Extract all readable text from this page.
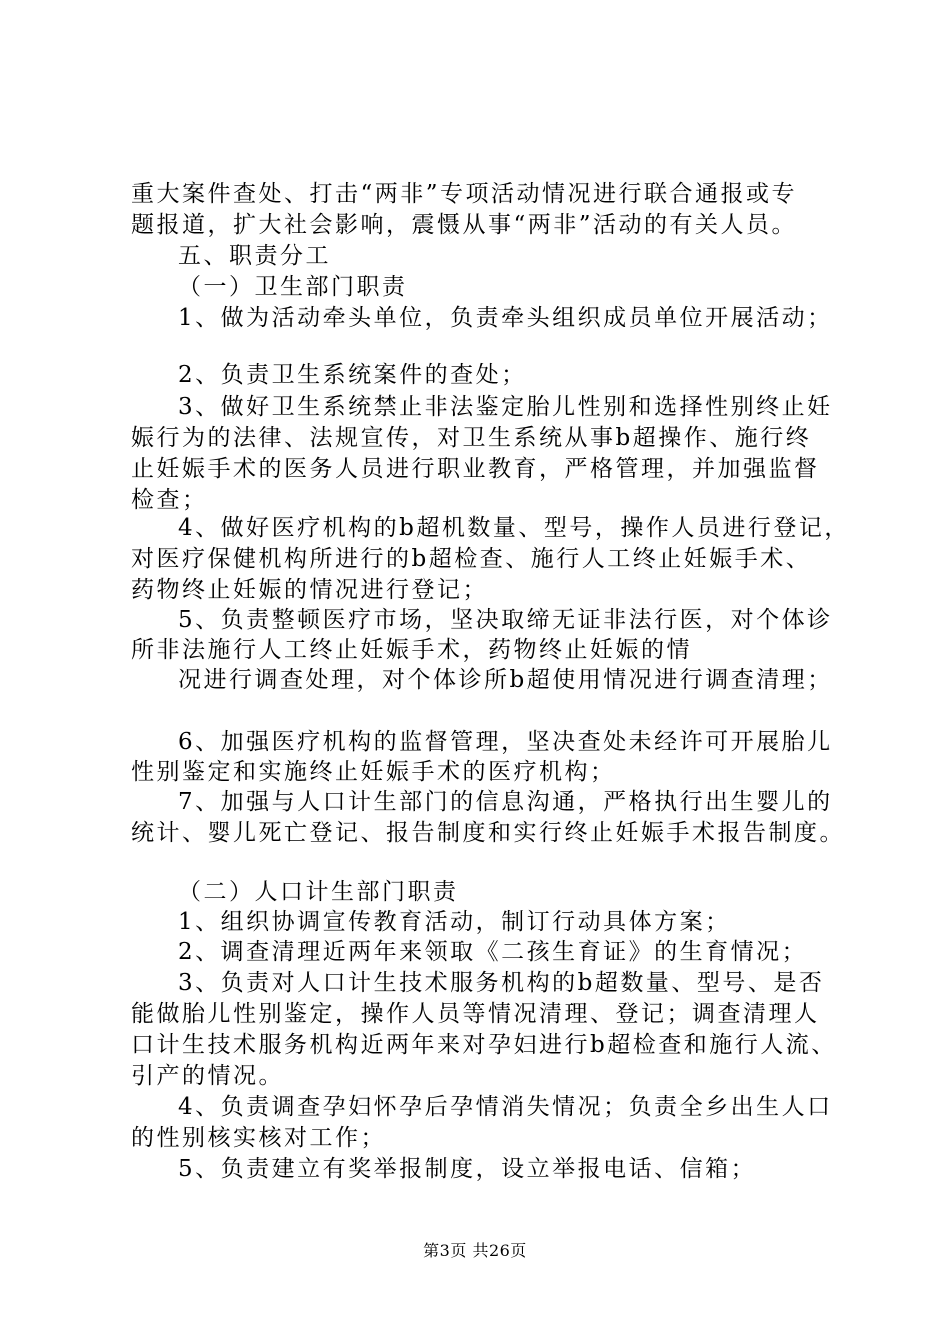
重大案件查处、打击“两非”专项活动情况进行联合通报或专
题报道，扩大社会影响，震慑从事“两非”活动的有关人员。
五、职责分工
（一）卫生部门职责
1、做为活动牵头单位，负责牵头组织成员单位开展活动；
2、负责卫生系统案件的查处；
3、做好卫生系统禁止非法鉴定胎儿性别和选择性别终止妊
娠行为的法律、法规宣传，对卫生系统从事b超操作、施行终
止妊娠手术的医务人员进行职业教育，严格管理，并加强监督
检查；
4、做好医疗机构的b超机数量、型号，操作人员进行登记，
对医疗保健机构所进行的b超检查、施行人工终止妊娠手术、
药物终止妊娠的情况进行登记；
5、负责整顿医疗市场，坚决取缔无证非法行医，对个体诊
所非法施行人工终止妊娠手术，药物终止妊娠的情
况进行调查处理，对个体诊所b超使用情况进行调查清理；
6、加强医疗机构的监督管理，坚决查处未经许可开展胎儿
性别鉴定和实施终止妊娠手术的医疗机构；
7、加强与人口计生部门的信息沟通，严格执行出生婴儿的
统计、婴儿死亡登记、报告制度和实行终止妊娠手术报告制度。
（二）人口计生部门职责
1、组织协调宣传教育活动，制订行动具体方案；
2、调查清理近两年来领取《二孩生育证》的生育情况；
3、负责对人口计生技术服务机构的b超数量、型号、是否
能做胎儿性别鉴定，操作人员等情况清理、登记；调查清理人
口计生技术服务机构近两年来对孕妇进行b超检查和施行人流、
引产的情况。
4、负责调查孕妇怀孕后孕情消失情况；负责全乡出生人口
的性别核实核对工作；
5、负责建立有奖举报制度，设立举报电话、信箱；
第3页 共26页
